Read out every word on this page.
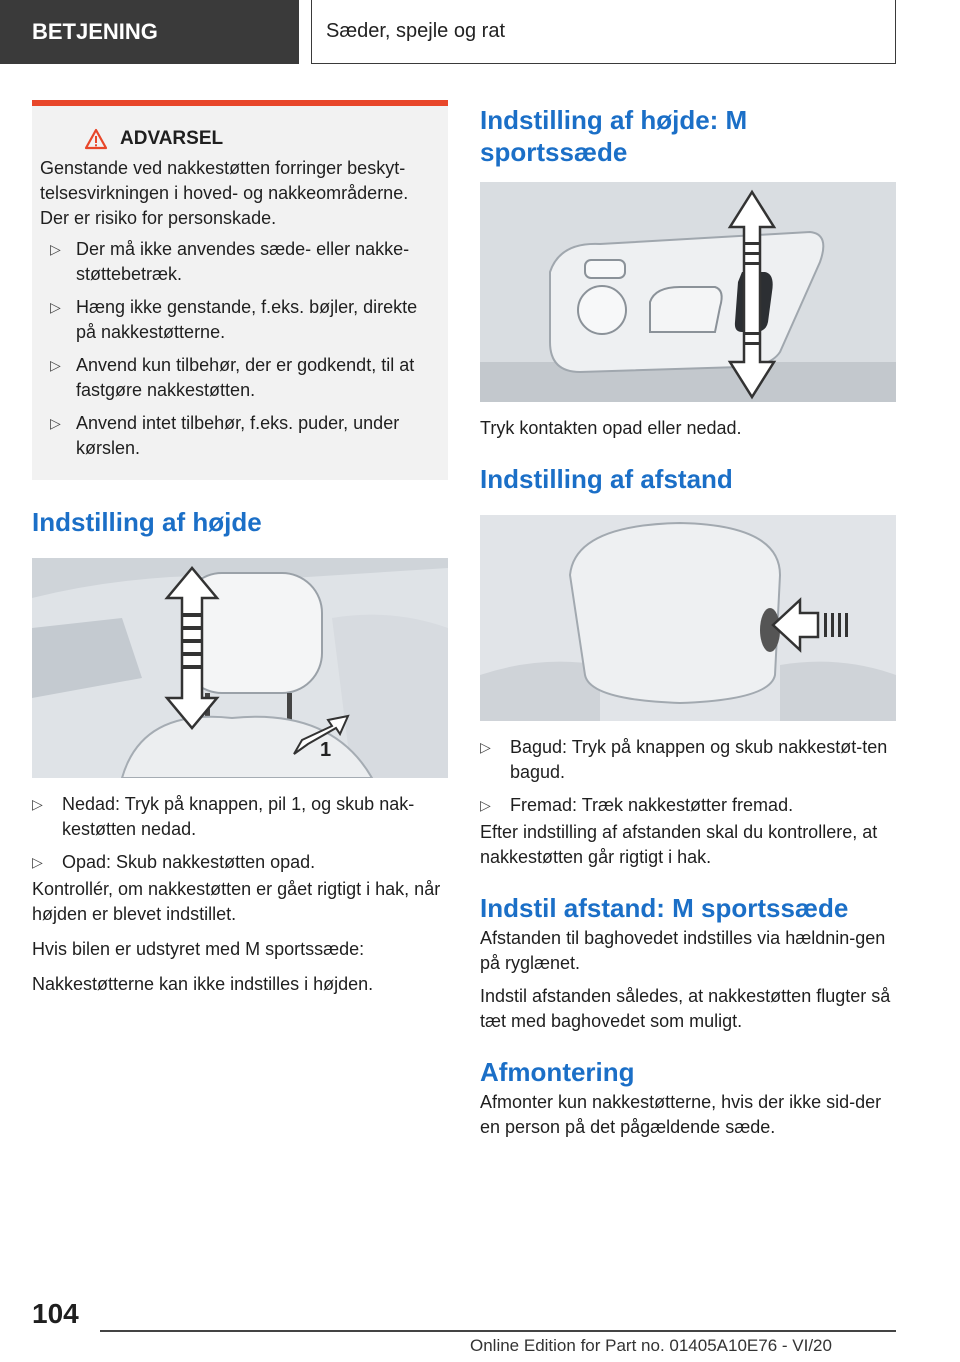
BETJENING	Sæder, spejle og rat
ADVARSEL

Genstande ved nakkestøtten forringer beskyt-telsesvirkningen i hoved- og nakkeområderne. Der er risiko for personskade.

▷ Der må ikke anvendes sæde- eller nakke-støttebetræk.
▷ Hæng ikke genstande, f.eks. bøjler, direkte på nakkestøtterne.
▷ Anvend kun tilbehør, der er godkendt, til at fastgøre nakkestøtten.
▷ Anvend intet tilbehør, f.eks. puder, under kørslen.
Indstilling af højde
1
▷ Nedad: Tryk på knappen, pil 1, og skub nak-kestøtten nedad.
▷ Opad: Skub nakkestøtten opad.

Kontrollér, om nakkestøtten er gået rigtigt i hak, når højden er blevet indstillet.

Hvis bilen er udstyret med M sportssæde:

Nakkestøtterne kan ikke indstilles i højden.

Indstilling af højde: M sportssæde

Tryk kontakten opad eller nedad.

Indstilling af afstand
▷ Bagud: Tryk på knappen og skub nakkestøt-ten bagud.
▷ Fremad: Træk nakkestøtter fremad.

Efter indstilling af afstanden skal du kontrollere, at nakkestøtten går rigtigt i hak.

Indstil afstand: M sportssæde

Afstanden til baghovedet indstilles via hældnin-gen på ryglænet.

Indstil afstanden således, at nakkestøtten flugter så tæt med baghovedet som muligt.

Afmontering

Afmonter kun nakkestøtterne, hvis der ikke sid-der en person på det pågældende sæde.

104
Online Edition for Part no. 01405A10E76 - VI/20
